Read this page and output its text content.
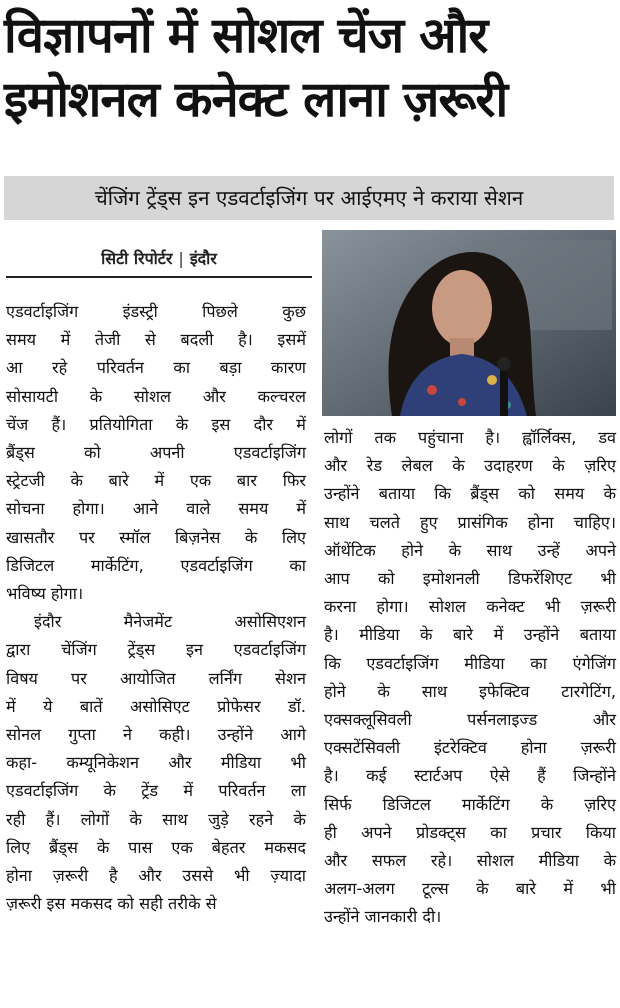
विज्ञापनों में सोशल चेंज और
इमोशनल कनेक्ट लाना ज़रूरी
चेंजिंग ट्रेंड्स इन एडवर्टाइजिंग पर आईएमए ने कराया सेशन
सिटी रिपोर्टर | इंदौर
एडवर्टाइजिंग इंडस्ट्री पिछले कुछ
समय में तेजी से बदली है। इसमें
आ रहे परिवर्तन का बड़ा कारण
सोसायटी के सोशल और कल्चरल
चेंज हैं। प्रतियोगिता के इस दौर में
ब्रैंड्स को अपनी एडवर्टाइजिंग
स्ट्रेटजी के बारे में एक बार फिर
सोचना होगा। आने वाले समय में
खासतौर पर स्मॉल बिज़नेस के लिए
डिजिटल मार्केटिंग, एडवर्टाइजिंग का
भविष्य होगा।
इंदौर मैनेजमेंट असोसिएशन
द्वारा चेंजिंग ट्रेंड्स इन एडवर्टाइजिंग
विषय पर आयोजित लर्निंग सेशन
में ये बातें असोसिएट प्रोफेसर डॉ.
सोनल गुप्ता ने कही। उन्होंने आगे
कहा- कम्यूनिकेशन और मीडिया भी
एडवर्टाइजिंग के ट्रेंड में परिवर्तन ला
रही हैं। लोगों के साथ जुड़े रहने के
लिए ब्रैंड्स के पास एक बेहतर मकसद
होना ज़रूरी है और उससे भी ज़्यादा
ज़रूरी इस मकसद को सही तरीके से
लोगों तक पहुंचाना है। ह्वॉर्लिक्स, डव
और रेड लेबल के उदाहरण के ज़रिए
उन्होंने बताया कि ब्रैंड्स को समय के
साथ चलते हुए प्रासंगिक होना चाहिए।
ऑथेंटिक होने के साथ उन्हें अपने
आप को इमोशनली डिफरेंशिएट भी
करना होगा। सोशल कनेक्ट भी ज़रूरी
है। मीडिया के बारे में उन्होंने बताया
कि एडवर्टाइजिंग मीडिया का एंगेजिंग
होने के साथ इफेक्टिव टारगेटिंग,
एक्सक्लूसिवली पर्सनलाइज्ड और
एक्सटेंसिवली इंटरेक्टिव होना ज़रूरी
है। कई स्टार्टअप ऐसे हैं जिन्होंने
सिर्फ डिजिटल मार्केटिंग के ज़रिए
ही अपने प्रोडक्ट्स का प्रचार किया
और सफल रहे। सोशल मीडिया के
अलग-अलग टूल्स के बारे में भी
उन्होंने जानकारी दी।
